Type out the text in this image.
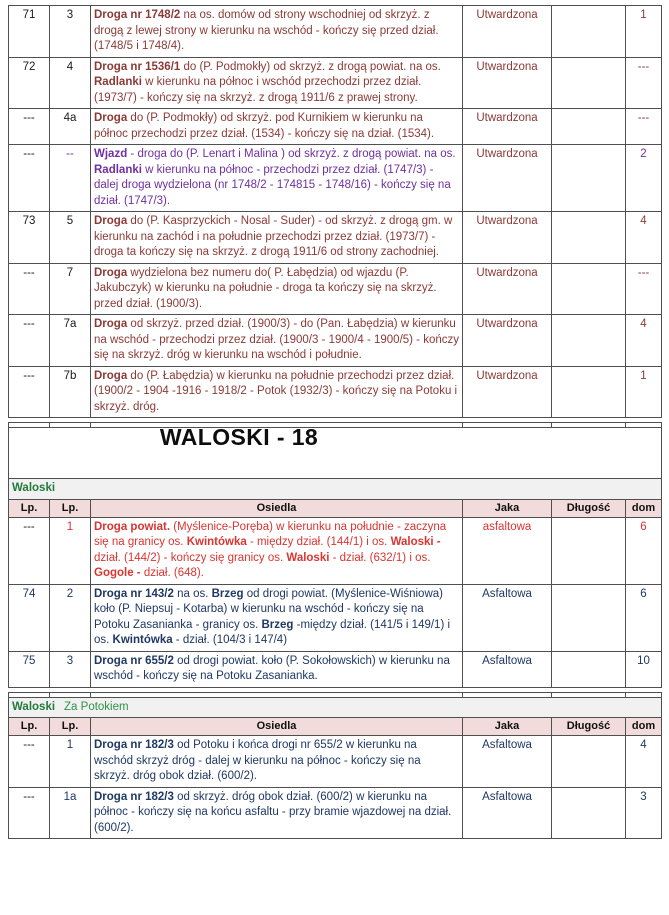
71	3	Droga nr 1748/2 na os. domów od strony wschodniej od skrzyż. z drogą z lewej strony w kierunku na wschód - kończy się przed dział. (1748/5 i 1748/4).	Utwardzona		1
72	4	Droga nr 1536/1 do (P. Podmokły) od skrzyż. z drogą powiat. na os. Radlanki w kierunku na północ i wschód przechodzi przez dział. (1973/7) - kończy się na skrzyż. z drogą 1911/6 z prawej strony.	Utwardzona		---
---	4a	Droga do (P. Podmokły) od skrzyż. pod Kurnikiem w kierunku na północ przechodzi przez dział. (1534) - kończy się na dział. (1534).	Utwardzona		---
---	--	Wjazd - droga do (P. Lenart i Malina ) od skrzyż. z drogą powiat. na os. Radlanki w kierunku na północ - przechodzi przez dział. (1747/3) - dalej droga wydzielona (nr 1748/2 - 174815 - 1748/16) - kończy się na dział. (1747/3).	Utwardzona		2
73	5	Droga do (P. Kasprzyckich - Nosal - Suder) - od skrzyż. z drogą gm. w kierunku na zachód i na południe przechodzi przez dział. (1973/7) - droga ta kończy się na skrzyż. z drogą 1911/6 od strony zachodniej.	Utwardzona		4
---	7	Droga wydzielona bez numeru do( P. Łabędzia) od wjazdu (P. Jakubczyk) w kierunku na południe - droga ta kończy się na skrzyż. przed dział. (1900/3).	Utwardzona		---
---	7a	Droga od skrzyż. przed dział. (1900/3) - do (Pan. Łabędzia) w kierunku na wschód - przechodzi przez dział. (1900/3 - 1900/4 - 1900/5) - kończy się na skrzyż. dróg w kierunku na wschód i południe.	Utwardzona		4
---	7b	Droga do (P. Łabędzia) w kierunku na południe przechodzi przez dział. (1900/2 - 1904 -1916 - 1918/2 - Potok (1932/3) - kończy się na Potoku i skrzyż. dróg.	Utwardzona		1

WALOSKI - 18					

Waloski					
Lp.	Lp.	Osiedla	Jaka	Długość	dom
---	1	Droga powiat. (Myślenice-Poręba) w kierunku na południe - zaczyna się na granicy os. Kwintówka - między dział. (144/1) i os. Waloski - dział. (144/2) - kończy się granicy os. Waloski - dział. (632/1) i os. Gogole - dział. (648).	asfaltowa		6
74	2	Droga nr 143/2 na os. Brzeg od drogi powiat. (Myślenice-Wiśniowa) koło (P. Niepsuj - Kotarba) w kierunku na wschód - kończy się na Potoku Zasanianka - granicy os. Brzeg -między dział. (141/5 i 149/1) i os. Kwintówka - dział. (104/3 i 147/4)	Asfaltowa		6
75	3	Droga nr 655/2 od drogi powiat. koło (P. Sokołowskich) w kierunku na wschód - kończy się na Potoku Zasanianka.	Asfaltowa		10

Waloski Za Potokiem					
Lp.	Lp.	Osiedla	Jaka	Długość	dom
---	1	Droga nr 182/3 od Potoku i końca drogi nr 655/2 w kierunku na wschód skrzyż dróg - dalej w kierunku na północ - kończy się na skrzyż. dróg obok dział. (600/2).	Asfaltowa		4
---	1a	Droga nr 182/3 od skrzyż. dróg obok dział. (600/2) w kierunku na północ - kończy się na końcu asfaltu - przy bramie wjazdowej na dział. (600/2).	Asfaltowa		3
